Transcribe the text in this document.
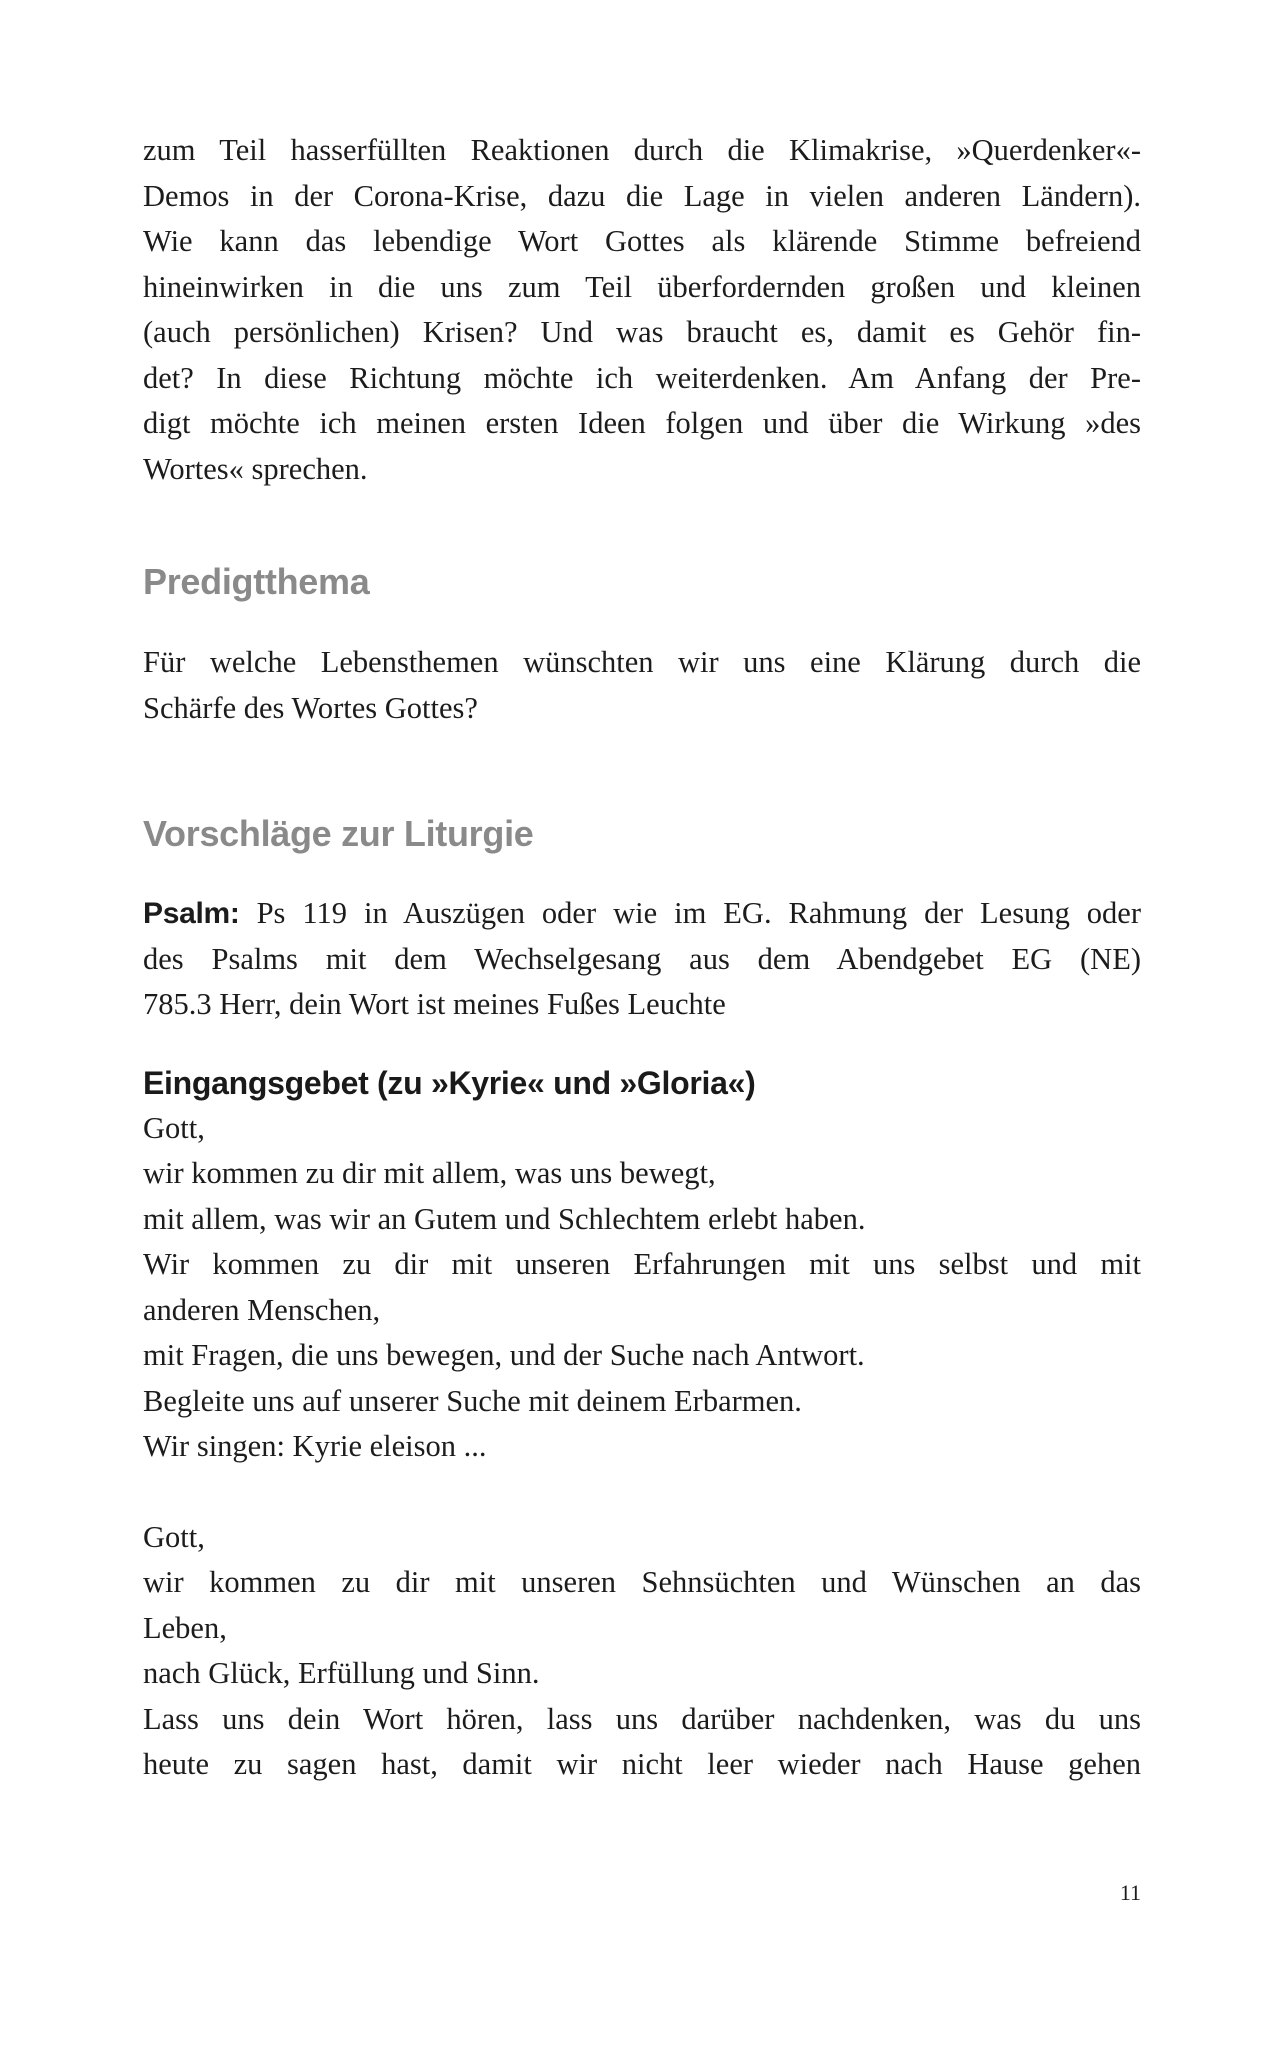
zum Teil hasserfüllten Reaktionen durch die Klimakrise, »Querdenker«-
Demos in der Corona-Krise, dazu die Lage in vielen anderen Ländern).
Wie kann das lebendige Wort Gottes als klärende Stimme befreiend
hineinwirken in die uns zum Teil überfordernden großen und kleinen
(auch persönlichen) Krisen? Und was braucht es, damit es Gehör fin-
det? In diese Richtung möchte ich weiterdenken. Am Anfang der Pre-
digt möchte ich meinen ersten Ideen folgen und über die Wirkung »des
Wortes« sprechen.
Predigtthema
Für welche Lebensthemen wünschten wir uns eine Klärung durch die
Schärfe des Wortes Gottes?
Vorschläge zur Liturgie
Psalm: Ps 119 in Auszügen oder wie im EG. Rahmung der Lesung oder
des Psalms mit dem Wechselgesang aus dem Abendgebet EG (NE)
785.3 Herr, dein Wort ist meines Fußes Leuchte
Eingangsgebet (zu »Kyrie« und »Gloria«)
Gott,
wir kommen zu dir mit allem, was uns bewegt,
mit allem, was wir an Gutem und Schlechtem erlebt haben.
Wir kommen zu dir mit unseren Erfahrungen mit uns selbst und mit
anderen Menschen,
mit Fragen, die uns bewegen, und der Suche nach Antwort.
Begleite uns auf unserer Suche mit deinem Erbarmen.
Wir singen: Kyrie eleison ...
Gott,
wir kommen zu dir mit unseren Sehnsüchten und Wünschen an das
Leben,
nach Glück, Erfüllung und Sinn.
Lass uns dein Wort hören, lass uns darüber nachdenken, was du uns
heute zu sagen hast, damit wir nicht leer wieder nach Hause gehen
11
